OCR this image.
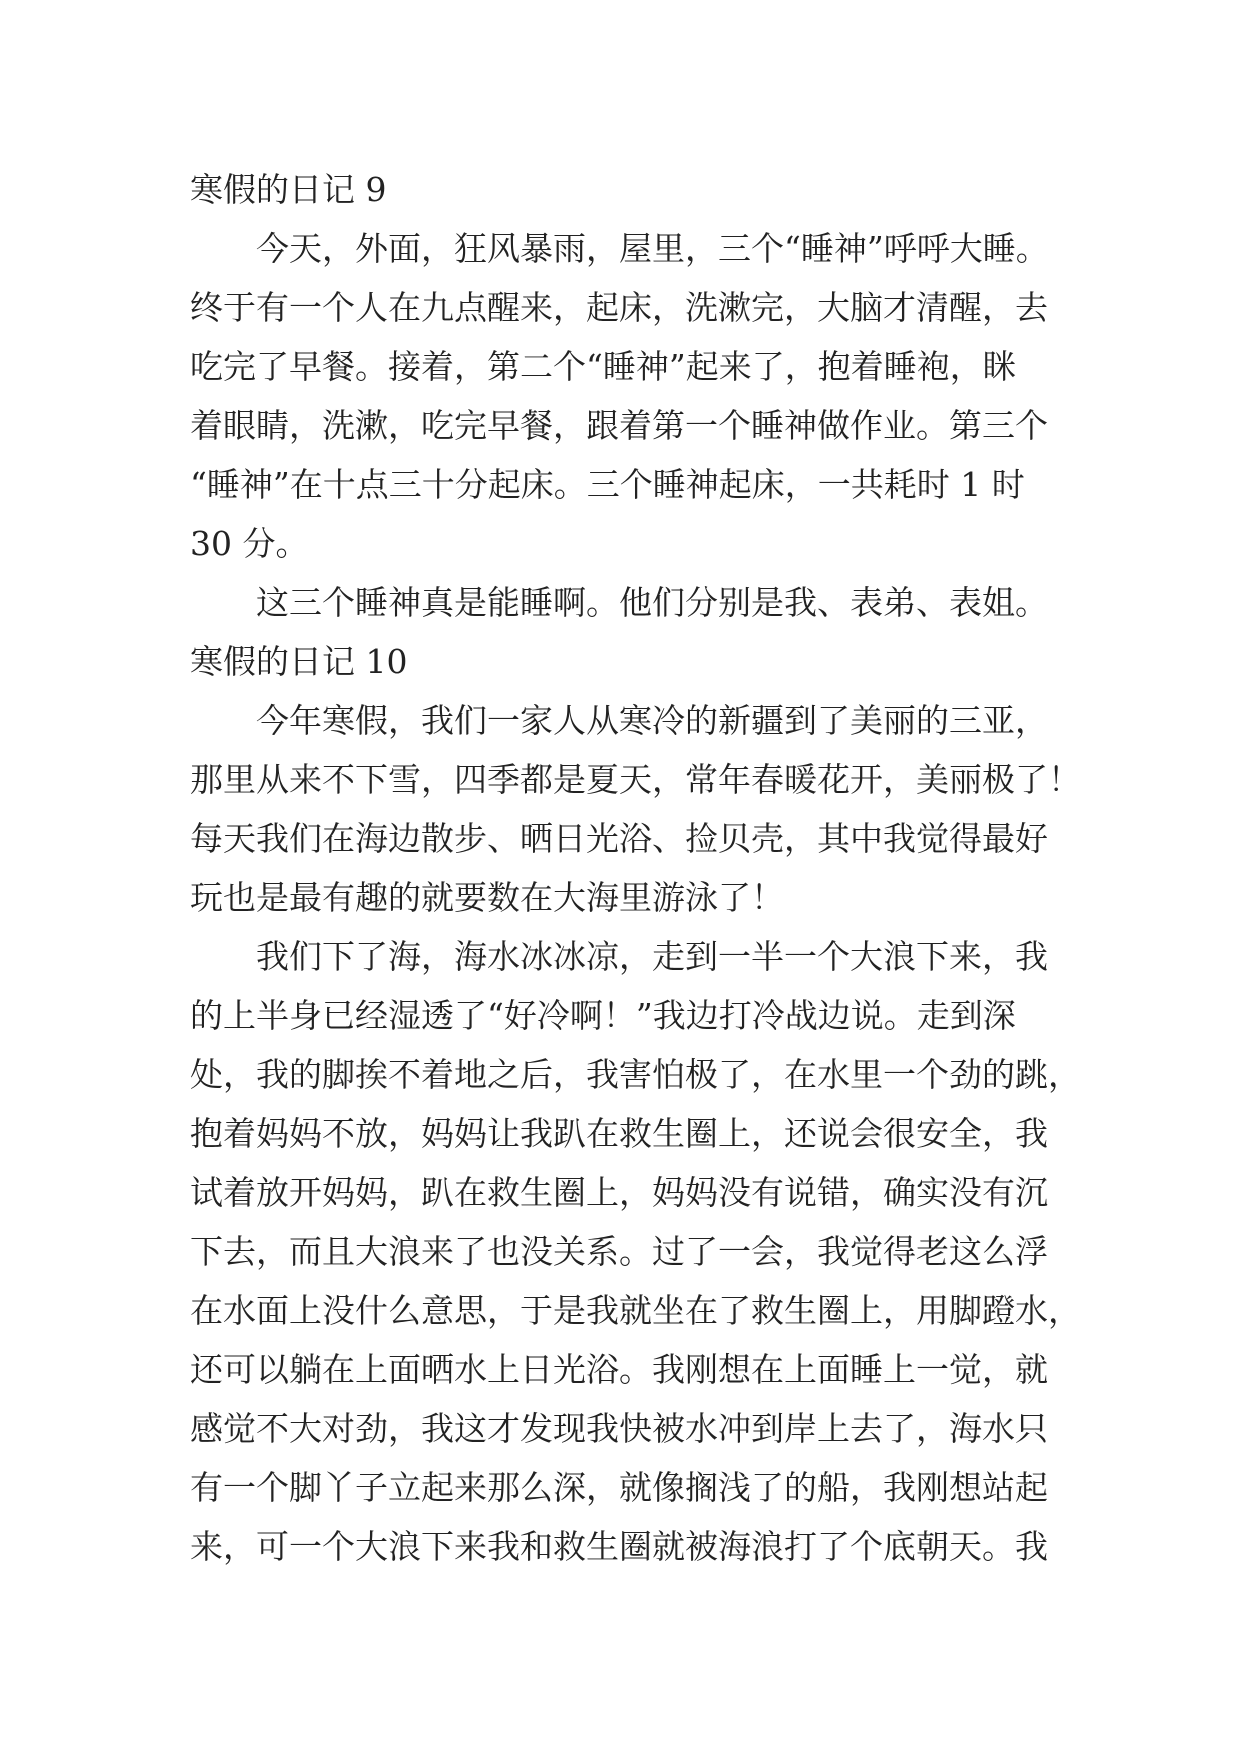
寒假的日记 9
　　今天，外面，狂风暴雨，屋里，三个“睡神”呼呼大睡。
终于有一个人在九点醒来，起床，洗漱完，大脑才清醒，去
吃完了早餐。接着，第二个“睡神”起来了，抱着睡袍，眯
着眼睛，洗漱，吃完早餐，跟着第一个睡神做作业。第三个
“睡神”在十点三十分起床。三个睡神起床，一共耗时 1 时
30 分。
　　这三个睡神真是能睡啊。他们分别是我、表弟、表姐。
寒假的日记 10
　　今年寒假，我们一家人从寒冷的新疆到了美丽的三亚，
那里从来不下雪，四季都是夏天，常年春暖花开，美丽极了！
每天我们在海边散步、晒日光浴、捡贝壳，其中我觉得最好
玩也是最有趣的就要数在大海里游泳了！
　　我们下了海，海水冰冰凉，走到一半一个大浪下来，我
的上半身已经湿透了“好冷啊！”我边打冷战边说。走到深
处，我的脚挨不着地之后，我害怕极了，在水里一个劲的跳，
抱着妈妈不放，妈妈让我趴在救生圈上，还说会很安全，我
试着放开妈妈，趴在救生圈上，妈妈没有说错，确实没有沉
下去，而且大浪来了也没关系。过了一会，我觉得老这么浮
在水面上没什么意思，于是我就坐在了救生圈上，用脚蹬水，
还可以躺在上面晒水上日光浴。我刚想在上面睡上一觉，就
感觉不大对劲，我这才发现我快被水冲到岸上去了，海水只
有一个脚丫子立起来那么深，就像搁浅了的船，我刚想站起
来，可一个大浪下来我和救生圈就被海浪打了个底朝天。我
